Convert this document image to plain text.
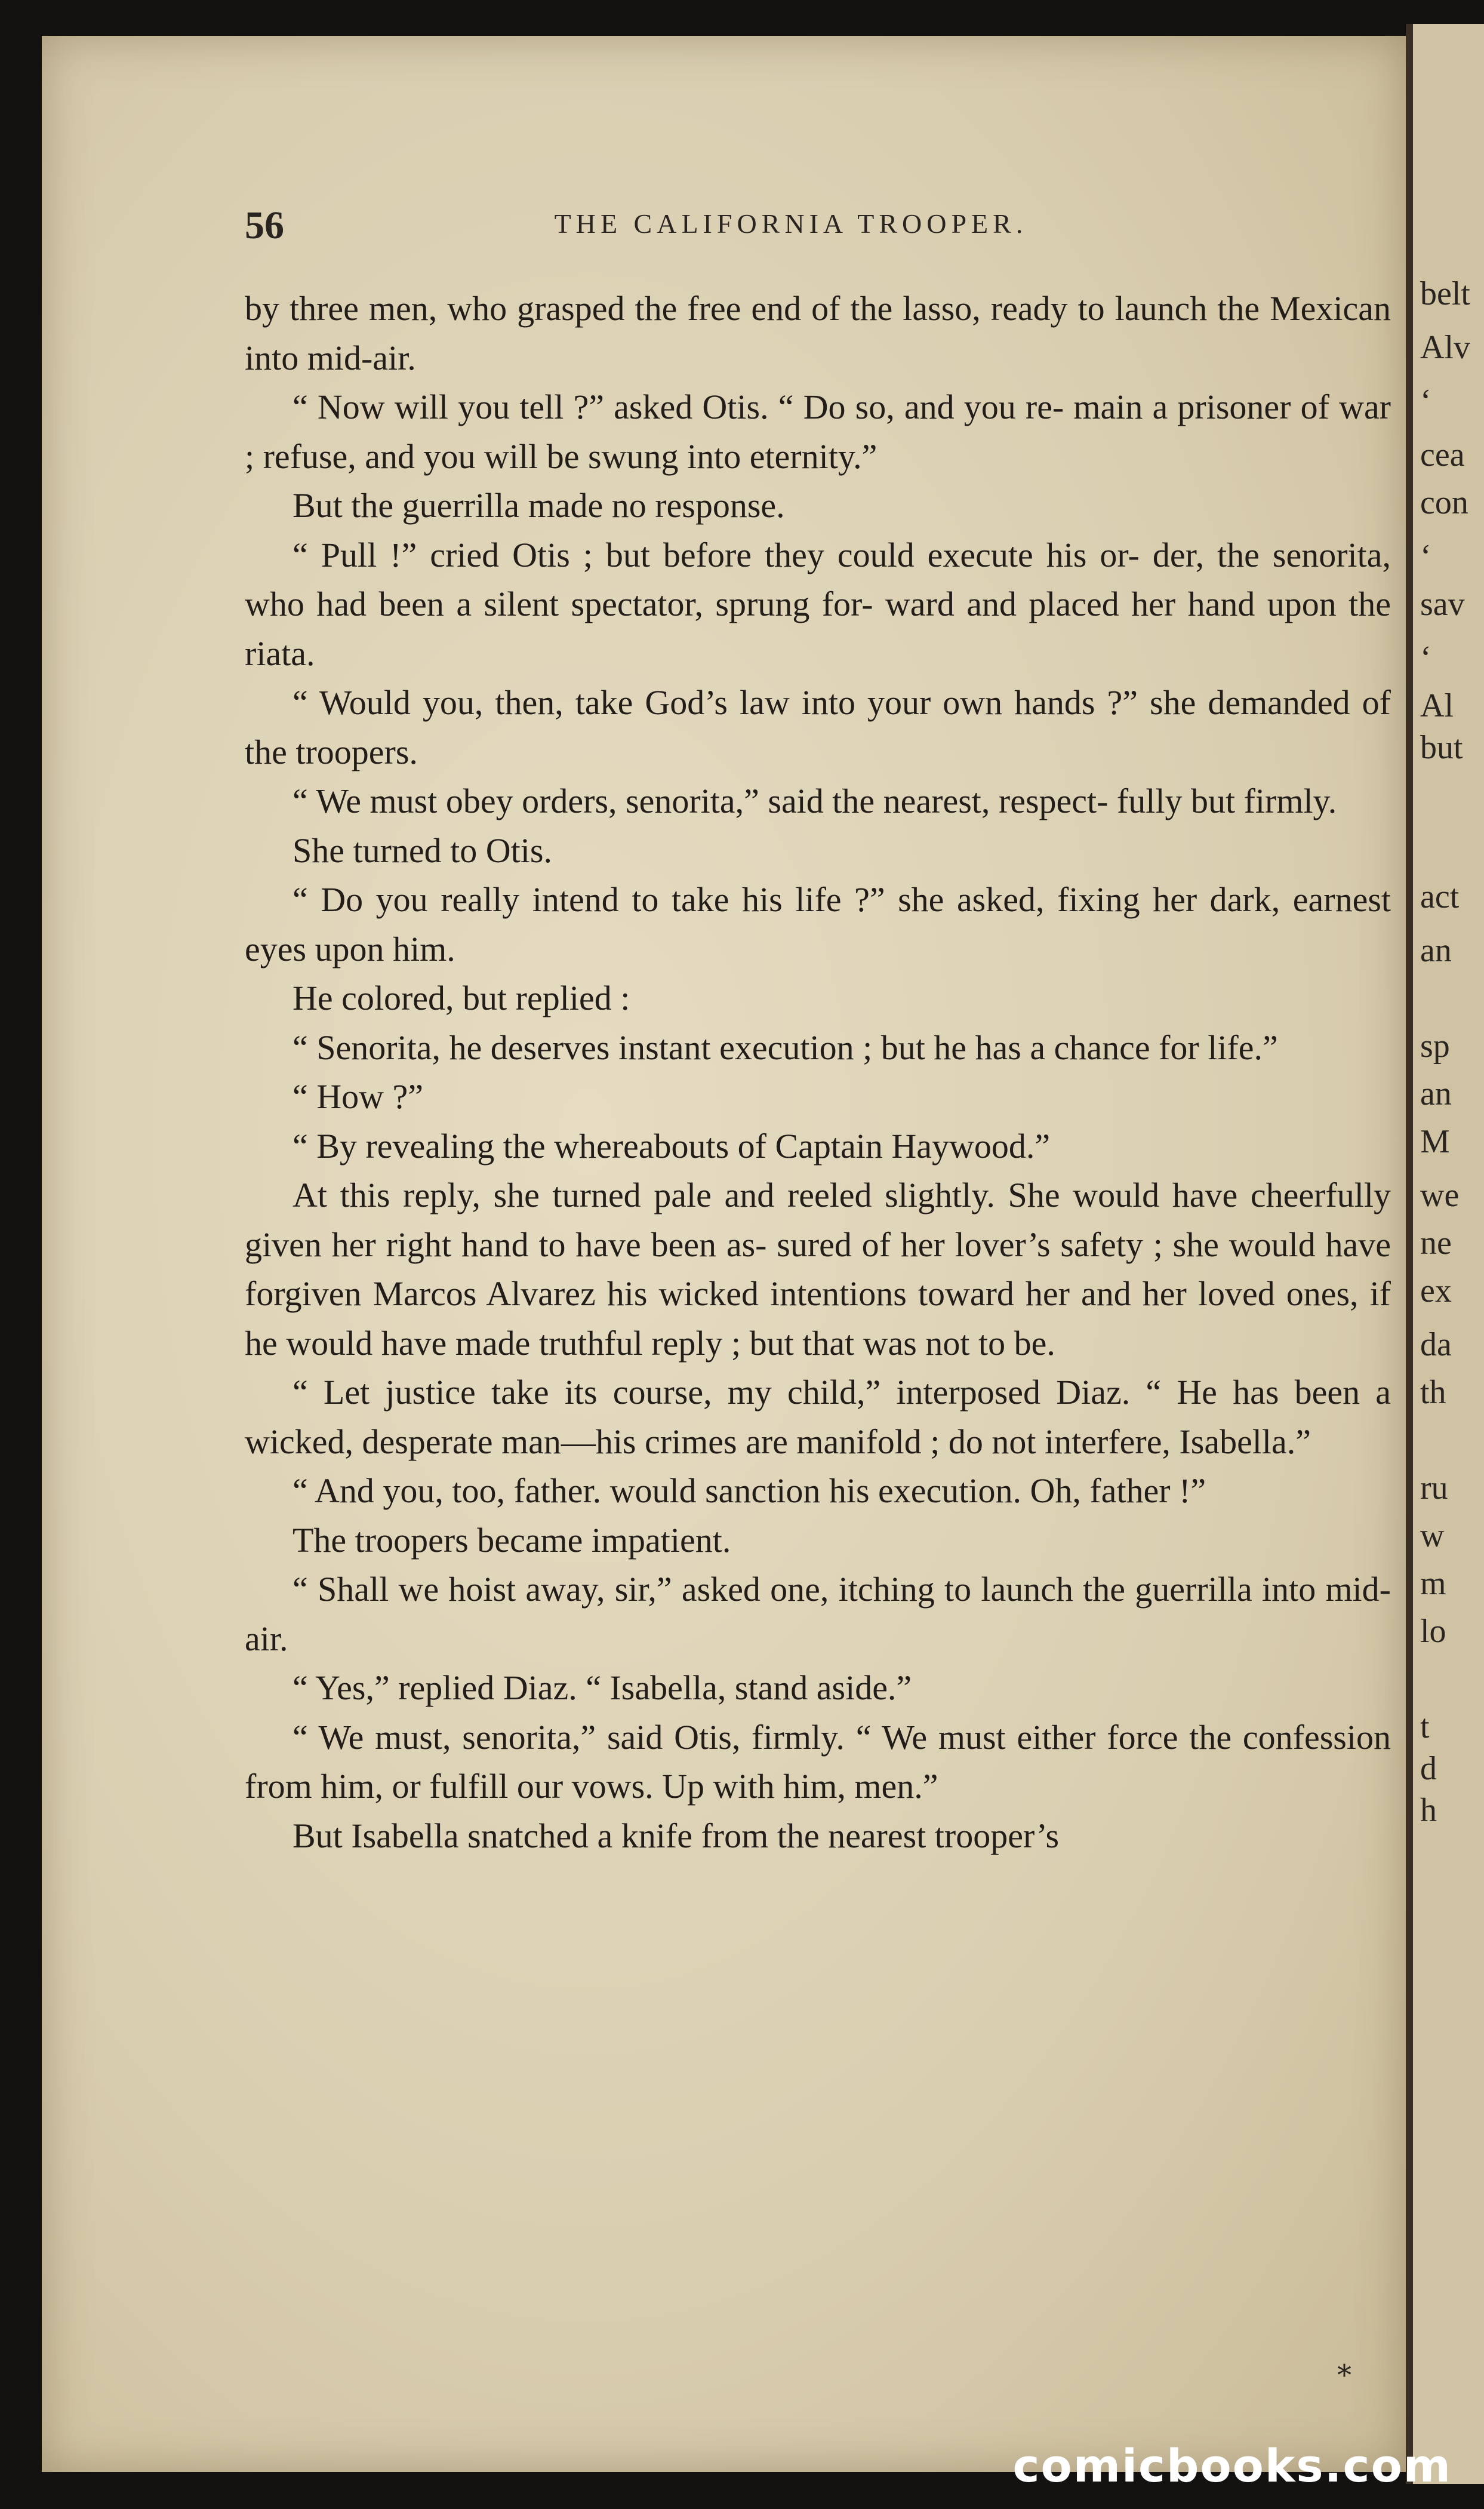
belt
Alv
‘
cea
con
‘
sav
‘
Al
but
act
an
sp
an
M
we
ne
ex
da
th
ru
w
m
lo
t
d
h
56	THE CALIFORNIA TROOPER.

by three men, who grasped the free end of the lasso, ready to launch the Mexican into mid-air.

“ Now will you tell ?” asked Otis. “ Do so, and you re- main a prisoner of war ; refuse, and you will be swung into eternity.”

But the guerrilla made no response.

“ Pull !” cried Otis ; but before they could execute his or- der, the senorita, who had been a silent spectator, sprung for- ward and placed her hand upon the riata.

“ Would you, then, take God’s law into your own hands ?” she demanded of the troopers.

“ We must obey orders, senorita,” said the nearest, respect- fully but firmly.

She turned to Otis.

“ Do you really intend to take his life ?” she asked, fixing her dark, earnest eyes upon him.

He colored, but replied :

“ Senorita, he deserves instant execution ; but he has a chance for life.”

“ How ?”

“ By revealing the whereabouts of Captain Haywood.”

At this reply, she turned pale and reeled slightly. She would have cheerfully given her right hand to have been as- sured of her lover’s safety ; she would have forgiven Marcos Alvarez his wicked intentions toward her and her loved ones, if he would have made truthful reply ; but that was not to be.

“ Let justice take its course, my child,” interposed Diaz. “ He has been a wicked, desperate man—his crimes are manifold ; do not interfere, Isabella.”

“ And you, too, father. would sanction his execution. Oh, father !”

The troopers became impatient.

“ Shall we hoist away, sir,” asked one, itching to launch the guerrilla into mid-air.

“ Yes,” replied Diaz. “ Isabella, stand aside.”

“ We must, senorita,” said Otis, firmly. “ We must either force the confession from him, or fulfill our vows. Up with him, men.”

But Isabella snatched a knife from the nearest trooper’s

*
comicbooks.com
